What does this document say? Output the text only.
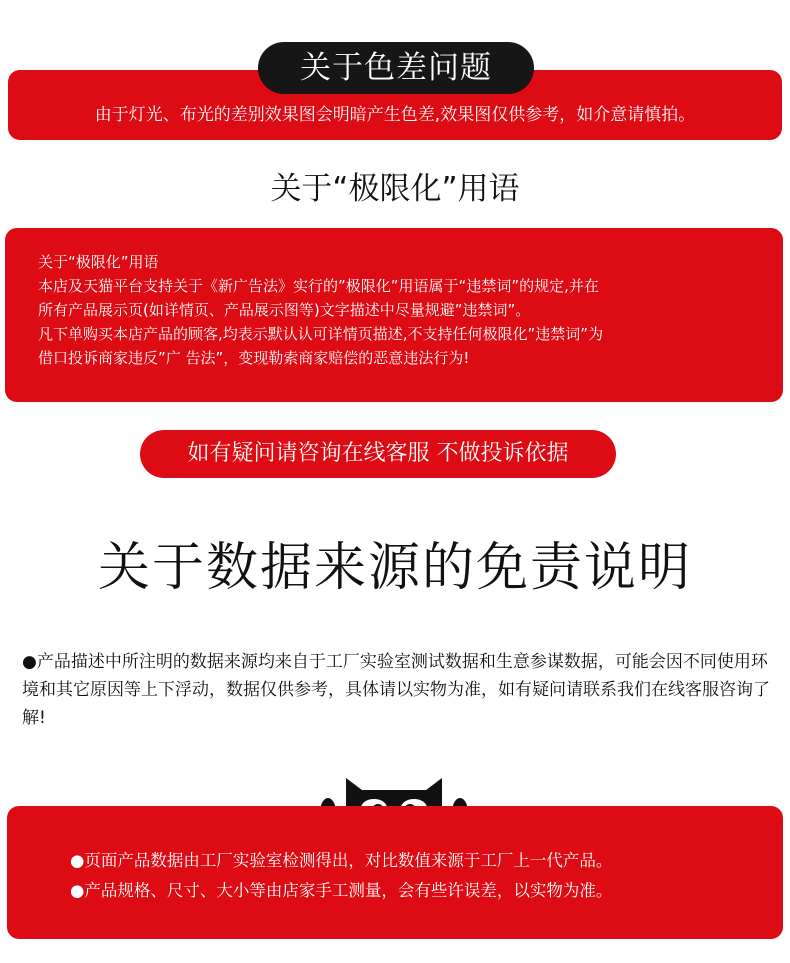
关于色差问题
由于灯光、布光的差别效果图会明暗产生色差,效果图仅供参考，如介意请慎拍。
关于“极限化”用语
关于“极限化”用语
本店及天猫平台支持关于《新广告法》实行的”极限化”用语属于“违禁词”的规定,并在
所有产品展示页(如详情页、产品展示图等)文字描述中尽量规避”违禁词”。
凡下单购买本店产品的顾客,均表示默认认可详情页描述,不支持任何极限化”违禁词”为
借口投诉商家违反”广 告法”，变现勒索商家赔偿的恶意违法行为!
如有疑问请咨询在线客服 不做投诉依据
关于数据来源的免责说明
●产品描述中所注明的数据来源均来自于工厂实验室测试数据和生意参谋数据，可能会因不同使用环境和其它原因等上下浮动，数据仅供参考，具体请以实物为准，如有疑问请联系我们在线客服咨询了解!
●页面产品数据由工厂实验室检测得出，对比数值来源于工厂上一代产品。
●产品规格、尺寸、大小等由店家手工测量，会有些许误差，以实物为准。
